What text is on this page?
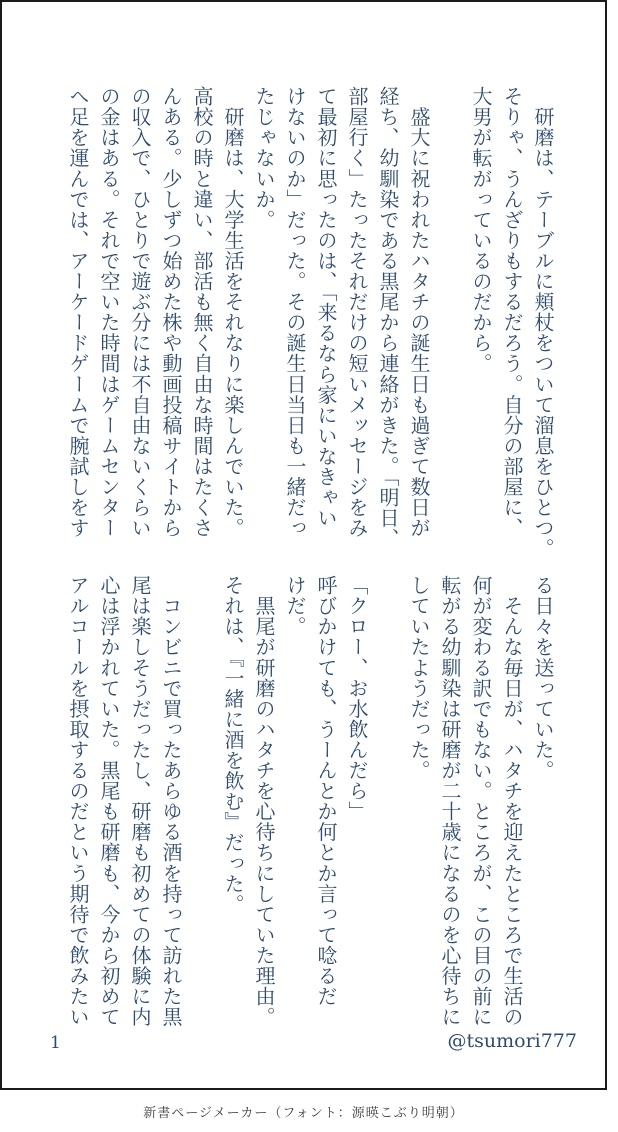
　研磨は、テーブルに頬杖をついて溜息をひとつ。

そりゃ、うんざりもするだろう。自分の部屋に、

大男が転がっているのだから。

　盛大に祝われたハタチの誕生日も過ぎて数日が

経ち、幼馴染である黒尾から連絡がきた。「明日、

部屋行く」たったそれだけの短いメッセージをみ

て最初に思ったのは、「来るなら家にいなきゃい

けないのか」だった。その誕生日当日も一緒だっ

たじゃないか。

　研磨は、大学生活をそれなりに楽しんでいた。

高校の時と違い、部活も無く自由な時間はたくさ

んある。少しずつ始めた株や動画投稿サイトから

の収入で、ひとりで遊ぶ分には不自由ないくらい

の金はある。それで空いた時間はゲームセンター

へ足を運んでは、アーケードゲームで腕試しをす

る日々を送っていた。

　そんな毎日が、ハタチを迎えたところで生活の

何が変わる訳でもない。ところが、この目の前に

転がる幼馴染は研磨が二十歳になるのを心待ちに

していたようだった。

「クロー、お水飲んだら」

呼びかけても、うーんとか何とか言って唸るだ

けだ。

　黒尾が研磨のハタチを心待ちにしていた理由。

それは、『一緒に酒を飲む』だった。

　コンビニで買ったあらゆる酒を持って訪れた黒

尾は楽しそうだったし、研磨も初めての体験に内

心は浮かれていた。黒尾も研磨も、今から初めて

アルコールを摂取するのだという期待で飲みたい

1	@tsumori777
新書ページメーカー（フォント：源暎こぶり明朝）
